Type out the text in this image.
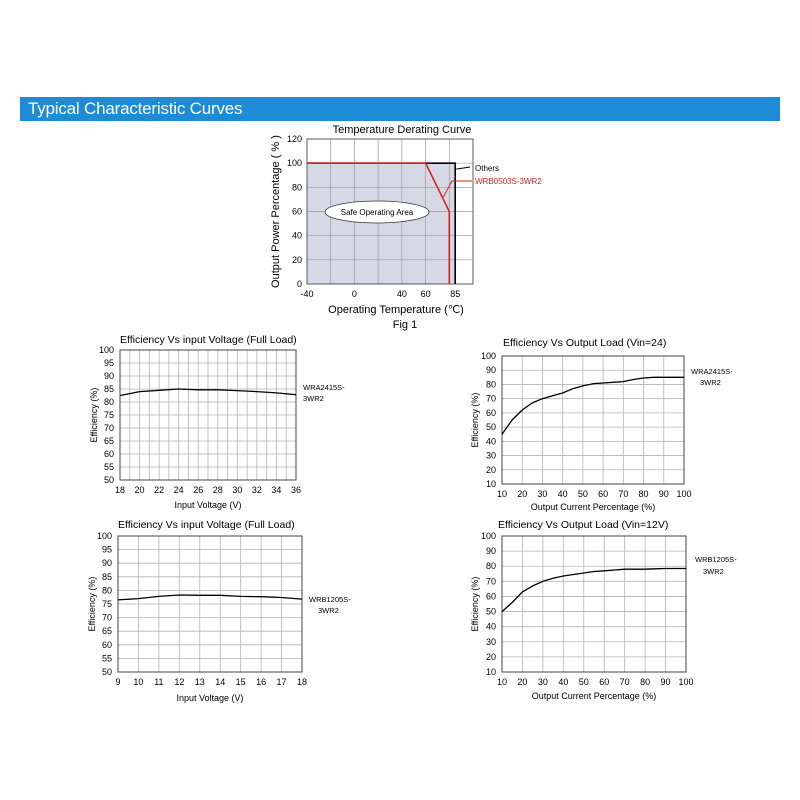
Typical Characteristic Curves
18 20 22 24 26 28 30 32 34 36
50
55
60
65
70
75
80
85
90
95
100
Efficiency Vs input Voltage (Full Load)
Input Voltage (V)
Efficiency (%)
WRA2415S-3WR2
10 20 30 40 50 60 70 80 90 100
10
20
30
40
50
60
70
80
90
100
Efficiency Vs Output Load (Vin=24)
Output Current Percentage (%)
Efficiency (%)
WRA2415S-3WR2
9 10 11 12 13 14 15 16 17 18
50
55
60
65
70
75
80
85
90
95
100
Efficiency Vs input Voltage (Full Load)
Input Voltage (V)
Efficiency (%)	WRB1205S-3WR2
10 20 30 40 50 60 70 80 90 100
10
20
30
40
50
60
70
80
90
100
Efficiency Vs Output Load (Vin=12V)
Output Current Percentage (%)
Efficiency (%)
WRB1205S-3WR2
-40	0	40 60 85
0
20
40
60
80
100
120
Others
WRB0503S-3WR2
Safe Operating Area
Temperature Derating Curve
Operating Temperature (℃)
Output Power Percentage ( % )
Fig 1
